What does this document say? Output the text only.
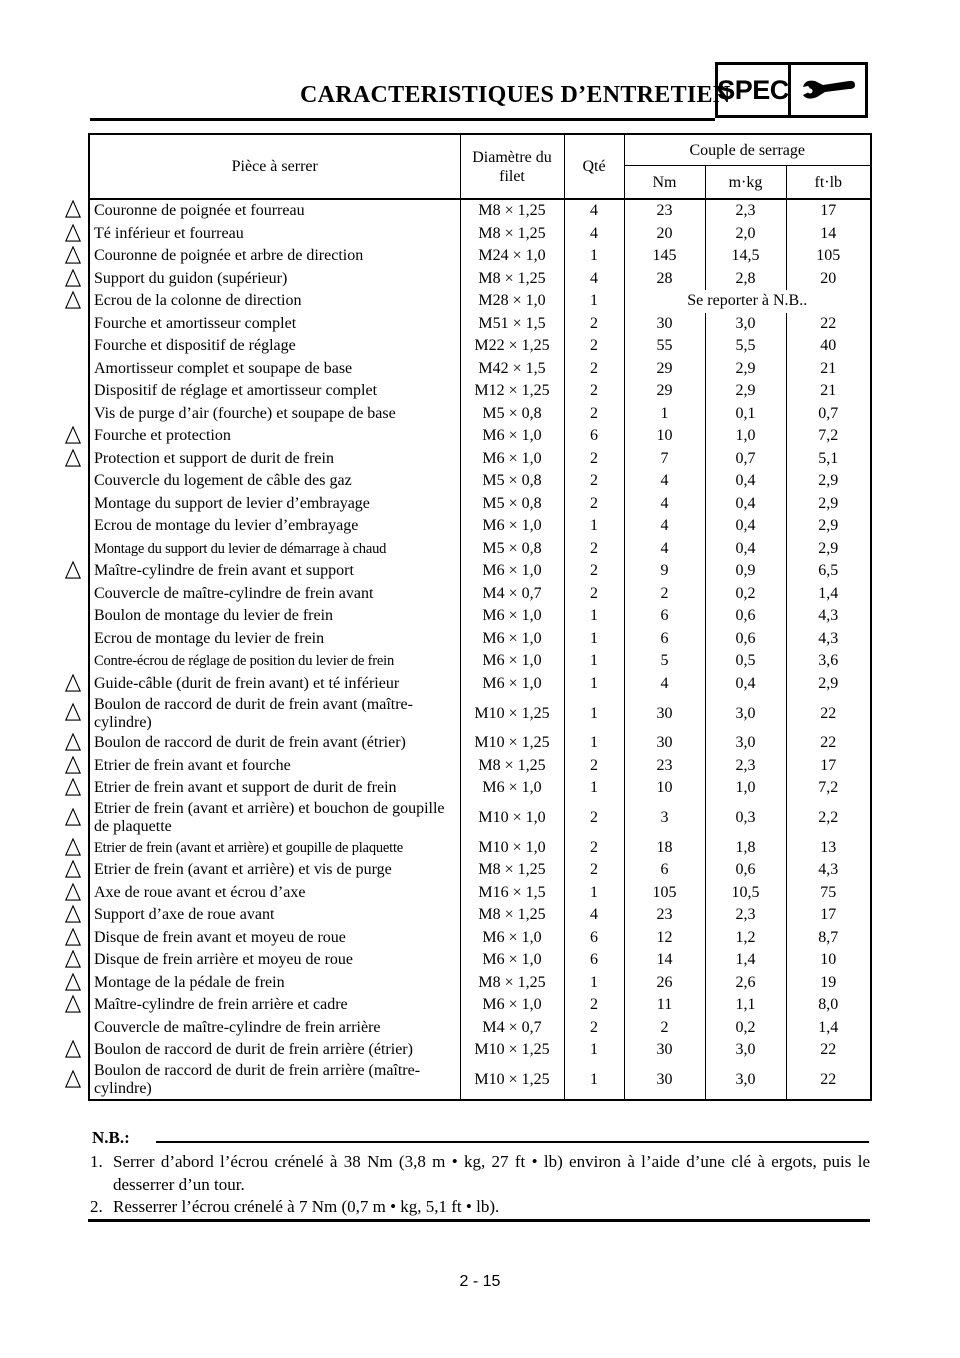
CARACTERISTIQUES D’ENTRETIEN
SPEC
Pièce à serrer	Diamètre du filet	Qté	Couple de serrage		
			Nm	m·kg	ft·lb
Couronne de poignée et fourreau	M8 × 1,25	4	23	2,3	17
Té inférieur et fourreau	M8 × 1,25	4	20	2,0	14
Couronne de poignée et arbre de direction	M24 × 1,0	1	145	14,5	105
Support du guidon (supérieur)	M8 × 1,25	4	28	2,8	20
Ecrou de la colonne de direction	M28 × 1,0	1	Se reporter à N.B..		
Fourche et amortisseur complet	M51 × 1,5	2	30	3,0	22
Fourche et dispositif de réglage	M22 × 1,25	2	55	5,5	40
Amortisseur complet et soupape de base	M42 × 1,5	2	29	2,9	21
Dispositif de réglage et amortisseur complet	M12 × 1,25	2	29	2,9	21
Vis de purge d’air (fourche) et soupape de base	M5 × 0,8	2	1	0,1	0,7
Fourche et protection	M6 × 1,0	6	10	1,0	7,2
Protection et support de durit de frein	M6 × 1,0	2	7	0,7	5,1
Couvercle du logement de câble des gaz	M5 × 0,8	2	4	0,4	2,9
Montage du support de levier d’embrayage	M5 × 0,8	2	4	0,4	2,9
Ecrou de montage du levier d’embrayage	M6 × 1,0	1	4	0,4	2,9
Montage du support du levier de démarrage à chaud	M5 × 0,8	2	4	0,4	2,9
Maître-cylindre de frein avant et support	M6 × 1,0	2	9	0,9	6,5
Couvercle de maître-cylindre de frein avant	M4 × 0,7	2	2	0,2	1,4
Boulon de montage du levier de frein	M6 × 1,0	1	6	0,6	4,3
Ecrou de montage du levier de frein	M6 × 1,0	1	6	0,6	4,3
Contre-écrou de réglage de position du levier de frein	M6 × 1,0	1	5	0,5	3,6
Guide-câble (durit de frein avant) et té inférieur	M6 × 1,0	1	4	0,4	2,9
Boulon de raccord de durit de frein avant (maître-cylindre)	M10 × 1,25	1	30	3,0	22
Boulon de raccord de durit de frein avant (étrier)	M10 × 1,25	1	30	3,0	22
Etrier de frein avant et fourche	M8 × 1,25	2	23	2,3	17
Etrier de frein avant et support de durit de frein	M6 × 1,0	1	10	1,0	7,2
Etrier de frein (avant et arrière) et bouchon de goupille de plaquette	M10 × 1,0	2	3	0,3	2,2
Etrier de frein (avant et arrière) et goupille de plaquette	M10 × 1,0	2	18	1,8	13
Etrier de frein (avant et arrière) et vis de purge	M8 × 1,25	2	6	0,6	4,3
Axe de roue avant et écrou d’axe	M16 × 1,5	1	105	10,5	75
Support d’axe de roue avant	M8 × 1,25	4	23	2,3	17
Disque de frein avant et moyeu de roue	M6 × 1,0	6	12	1,2	8,7
Disque de frein arrière et moyeu de roue	M6 × 1,0	6	14	1,4	10
Montage de la pédale de frein	M8 × 1,25	1	26	2,6	19
Maître-cylindre de frein arrière et cadre	M6 × 1,0	2	11	1,1	8,0
Couvercle de maître-cylindre de frein arrière	M4 × 0,7	2	2	0,2	1,4
Boulon de raccord de durit de frein arrière (étrier)	M10 × 1,25	1	30	3,0	22
Boulon de raccord de durit de frein arrière (maître-cylindre)	M10 × 1,25	1	30	3,0	22
N.B.:
1. Serrer d’abord l’écrou crénelé à 38 Nm (3,8 m • kg, 27 ft • lb) environ à l’aide d’une clé à ergots, puis le desserrer d’un tour.
2. Resserrer l’écrou crénelé à 7 Nm (0,7 m • kg, 5,1 ft • lb).
2 - 15
